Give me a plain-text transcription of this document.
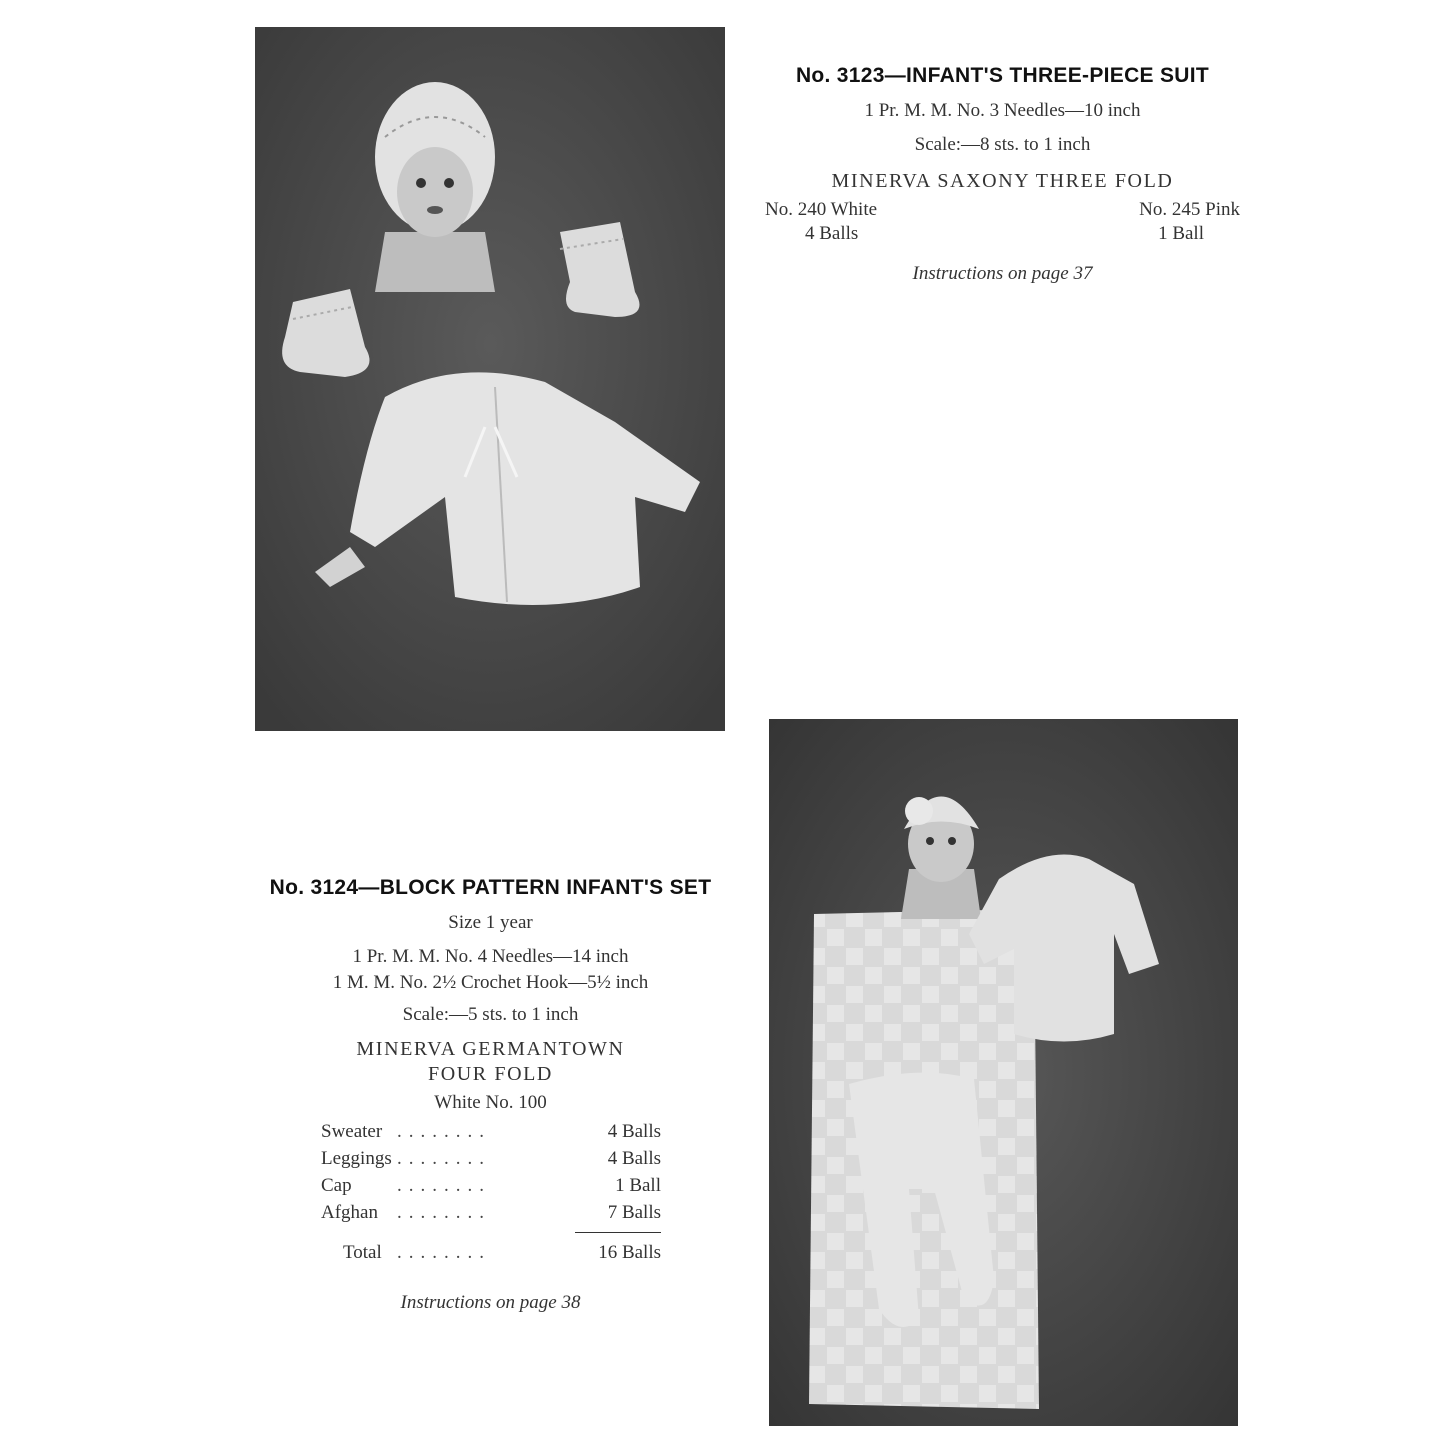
No. 3123—INFANT'S THREE-PIECE SUIT
1 Pr. M. M. No. 3 Needles—10 inch
Scale:—8 sts. to 1 inch
MINERVA SAXONY THREE FOLD
No. 240 White	No. 245 Pink
4 Balls	1 Ball
Instructions on page 37
No. 3124—BLOCK PATTERN INFANT'S SET
Size 1 year
1 Pr. M. M. No. 4 Needles—14 inch
1 M. M. No. 2½ Crochet Hook—5½ inch
Scale:—5 sts. to 1 inch
MINERVA GERMANTOWN
FOUR FOLD
White No. 100
Sweater ........	4 Balls
Leggings ........	4 Balls
Cap	........	1 Ball
Afghan	........	7 Balls
Total ........	16 Balls
Instructions on page 38
